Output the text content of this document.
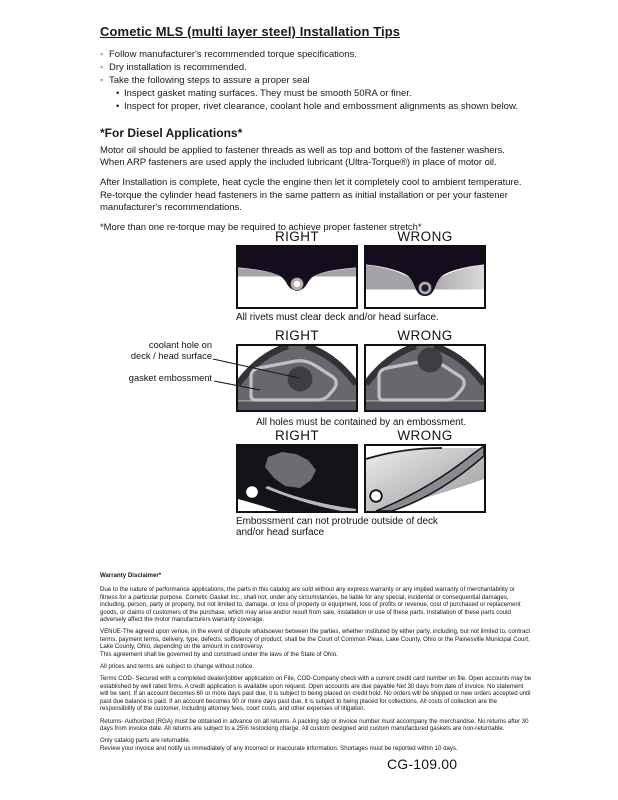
Cometic MLS (multi layer steel) Installation Tips
◦ Follow manufacturer's recommended torque specifications.
◦ Dry installation is recommended.
◦ Take the following steps to assure a proper seal
• Inspect gasket mating surfaces. They must be smooth 50RA or finer.
• Inspect for proper, rivet clearance, coolant hole and embossment alignments as shown below.
*For Diesel Applications*

Motor oil should be applied to fastener threads as well as top and bottom of the fastener washers. When ARP fasteners are used apply the included lubricant (Ultra-Torque®) in place of motor oil.

After Installation is complete, heat cycle the engine then let it completely cool to ambient temperature. Re-torque the cylinder head fasteners in the same pattern as initial installation or per your fastener manufacturer's recommendations.

*More than one re-torque may be required to achieve proper fastener stretch*

RIGHT	WRONG
All rivets must clear deck and/or head surface.
RIGHT	WRONG
coolant hole on
deck / head surface
gasket embossment
All holes must be contained by an embossment.
RIGHT	WRONG
Embossment can not protrude outside of deck
and/or head surface
Warranty Disclaimer*

Due to the nature of performance applications, the parts in this catalog are sold without any express warranty or any implied warranty of merchantability or fitness for a particular purpose. Cometic Gasket Inc., shall not, under any circumstances, be liable for any special, incidental or consequential damages, including, person, party or property, but not limited to, damage, or loss of property or equipment, loss of profits or revenue, cost of purchased or replacement goods, or claims of customers of the purchase, which may arise and/or result from sale, installation or use of these parts. Installation of these parts could adversely affect the motor manufacturers warranty coverage.

VENUE-The agreed upon venue, in the event of dispute whatsoever between the parties, whether instituted by either party, including, but not limited to, contract terms, payment terms, delivery, type, defects, sufficiency of product, shall be the Court of Common Pleas, Lake County, Ohio or the Painesville Municipal Court, Lake County, Ohio, depending on the amount in controversy.

This agreement shall be governed by and construed under the laws of the State of Ohio.

All prices and terms are subject to change without notice.

Terms COD- Secured with a completed dealer/jobber application on File, COD-Company check with a current credit card number on file. Open accounts may be established by well rated firms. A credit application is available upon request. Open accounts are due payable Net 30 days from date of invoice. No statement will be sent. If an account becomes 60 or more days past due, it is subject to being placed on credit hold. No orders will be shipped or new orders accepted until past due balance is paid. If an account becomes 90 or more days past due, it is subject to being placed for collections. All costs of collection are the responsibility of the customer, including attorney fees, court costs, and other expenses of litigation.

Returns- Authorized (RGA) must be obtained in advance on all returns. A packing slip or invoice number must accompany the merchandise. No returns after 30 days from invoice date. All returns are subject to a 25% restocking charge. All custom designed and custom manufactured gaskets are non-returnable.

Only catalog parts are returnable.

Review your invoice and notify us immediately of any incorrect or inaccurate information. Shortages must be reported within 10 days.

CG-109.00
